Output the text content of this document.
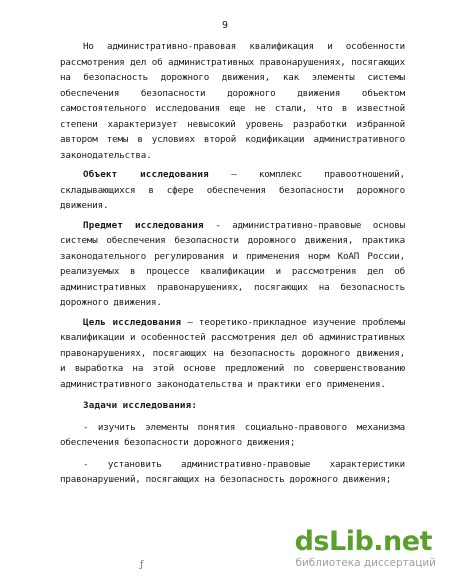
9

Но административно-правовая квалификация и особенности рассмотрения дел об административных правонарушениях, посягающих на безопасность дорожного движения, как элементы системы обеспечения безопасности дорожного движения объектом самостоятельного исследования еще не стали, что в известной степени характеризует невысокий уровень разработки избранной автором темы в условиях второй кодификации административного законодательства.

Объект исследования – комплекс правоотношений, складывающихся в сфере обеспечения безопасности дорожного движения.

Предмет исследования - административно-правовые основы системы обеспечения безопасности дорожного движения, практика законодательного регулирования и применения норм КоАП России, реализуемых в процессе квалификации и рассмотрения дел об административных правонарушениях, посягающих на безопасность дорожного движения.

Цель исследования – теоретико-прикладное изучение проблемы квалификации и особенностей рассмотрения дел об административных правонарушениях, посягающих на безопасность дорожного движения, и выработка на этой основе предложений по совершенствованию административного законодательства и практики его применения.

Задачи исследования:

- изучить элементы понятия социально-правового механизма обеспечения безопасности дорожного движения;

- установить административно-правовые характеристики правонарушений, посягающих на безопасность дорожного движения;

ƒ
dsLib.net
библиотека диссертаций
